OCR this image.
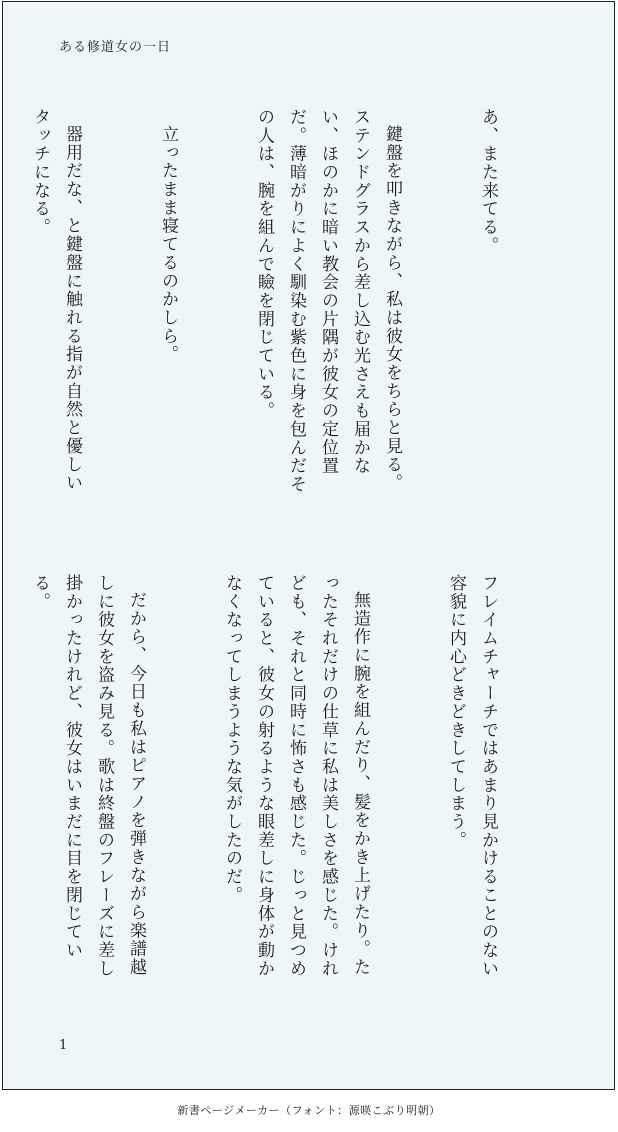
ある修道女の一日

あ、また来てる。

鍵盤を叩きながら、私は彼女をちらと見る。ステンドグラスから差し込む光さえも届かない、ほのかに暗い教会の片隅が彼女の定位置だ。薄暗がりによく馴染む紫色に身を包んだその人は、腕を組んで瞼を閉じている。

立ったまま寝てるのかしら。

器用だな、と鍵盤に触れる指が自然と優しいタッチになる。

フレイムチャーチではあまり見かけることのない容貌に内心どきどきしてしまう。

無造作に腕を組んだり、髪をかき上げたり。たったそれだけの仕草に私は美しさを感じた。けれども、それと同時に怖さも感じた。じっと見つめていると、彼女の射るような眼差しに身体が動かなくなってしまうような気がしたのだ。

だから、今日も私はピアノを弾きながら楽譜越しに彼女を盗み見る。歌は終盤のフレーズに差し掛かったけれど、彼女はいまだに目を閉じている。

1
新書ページメーカー（フォント：源暎こぶり明朝）
